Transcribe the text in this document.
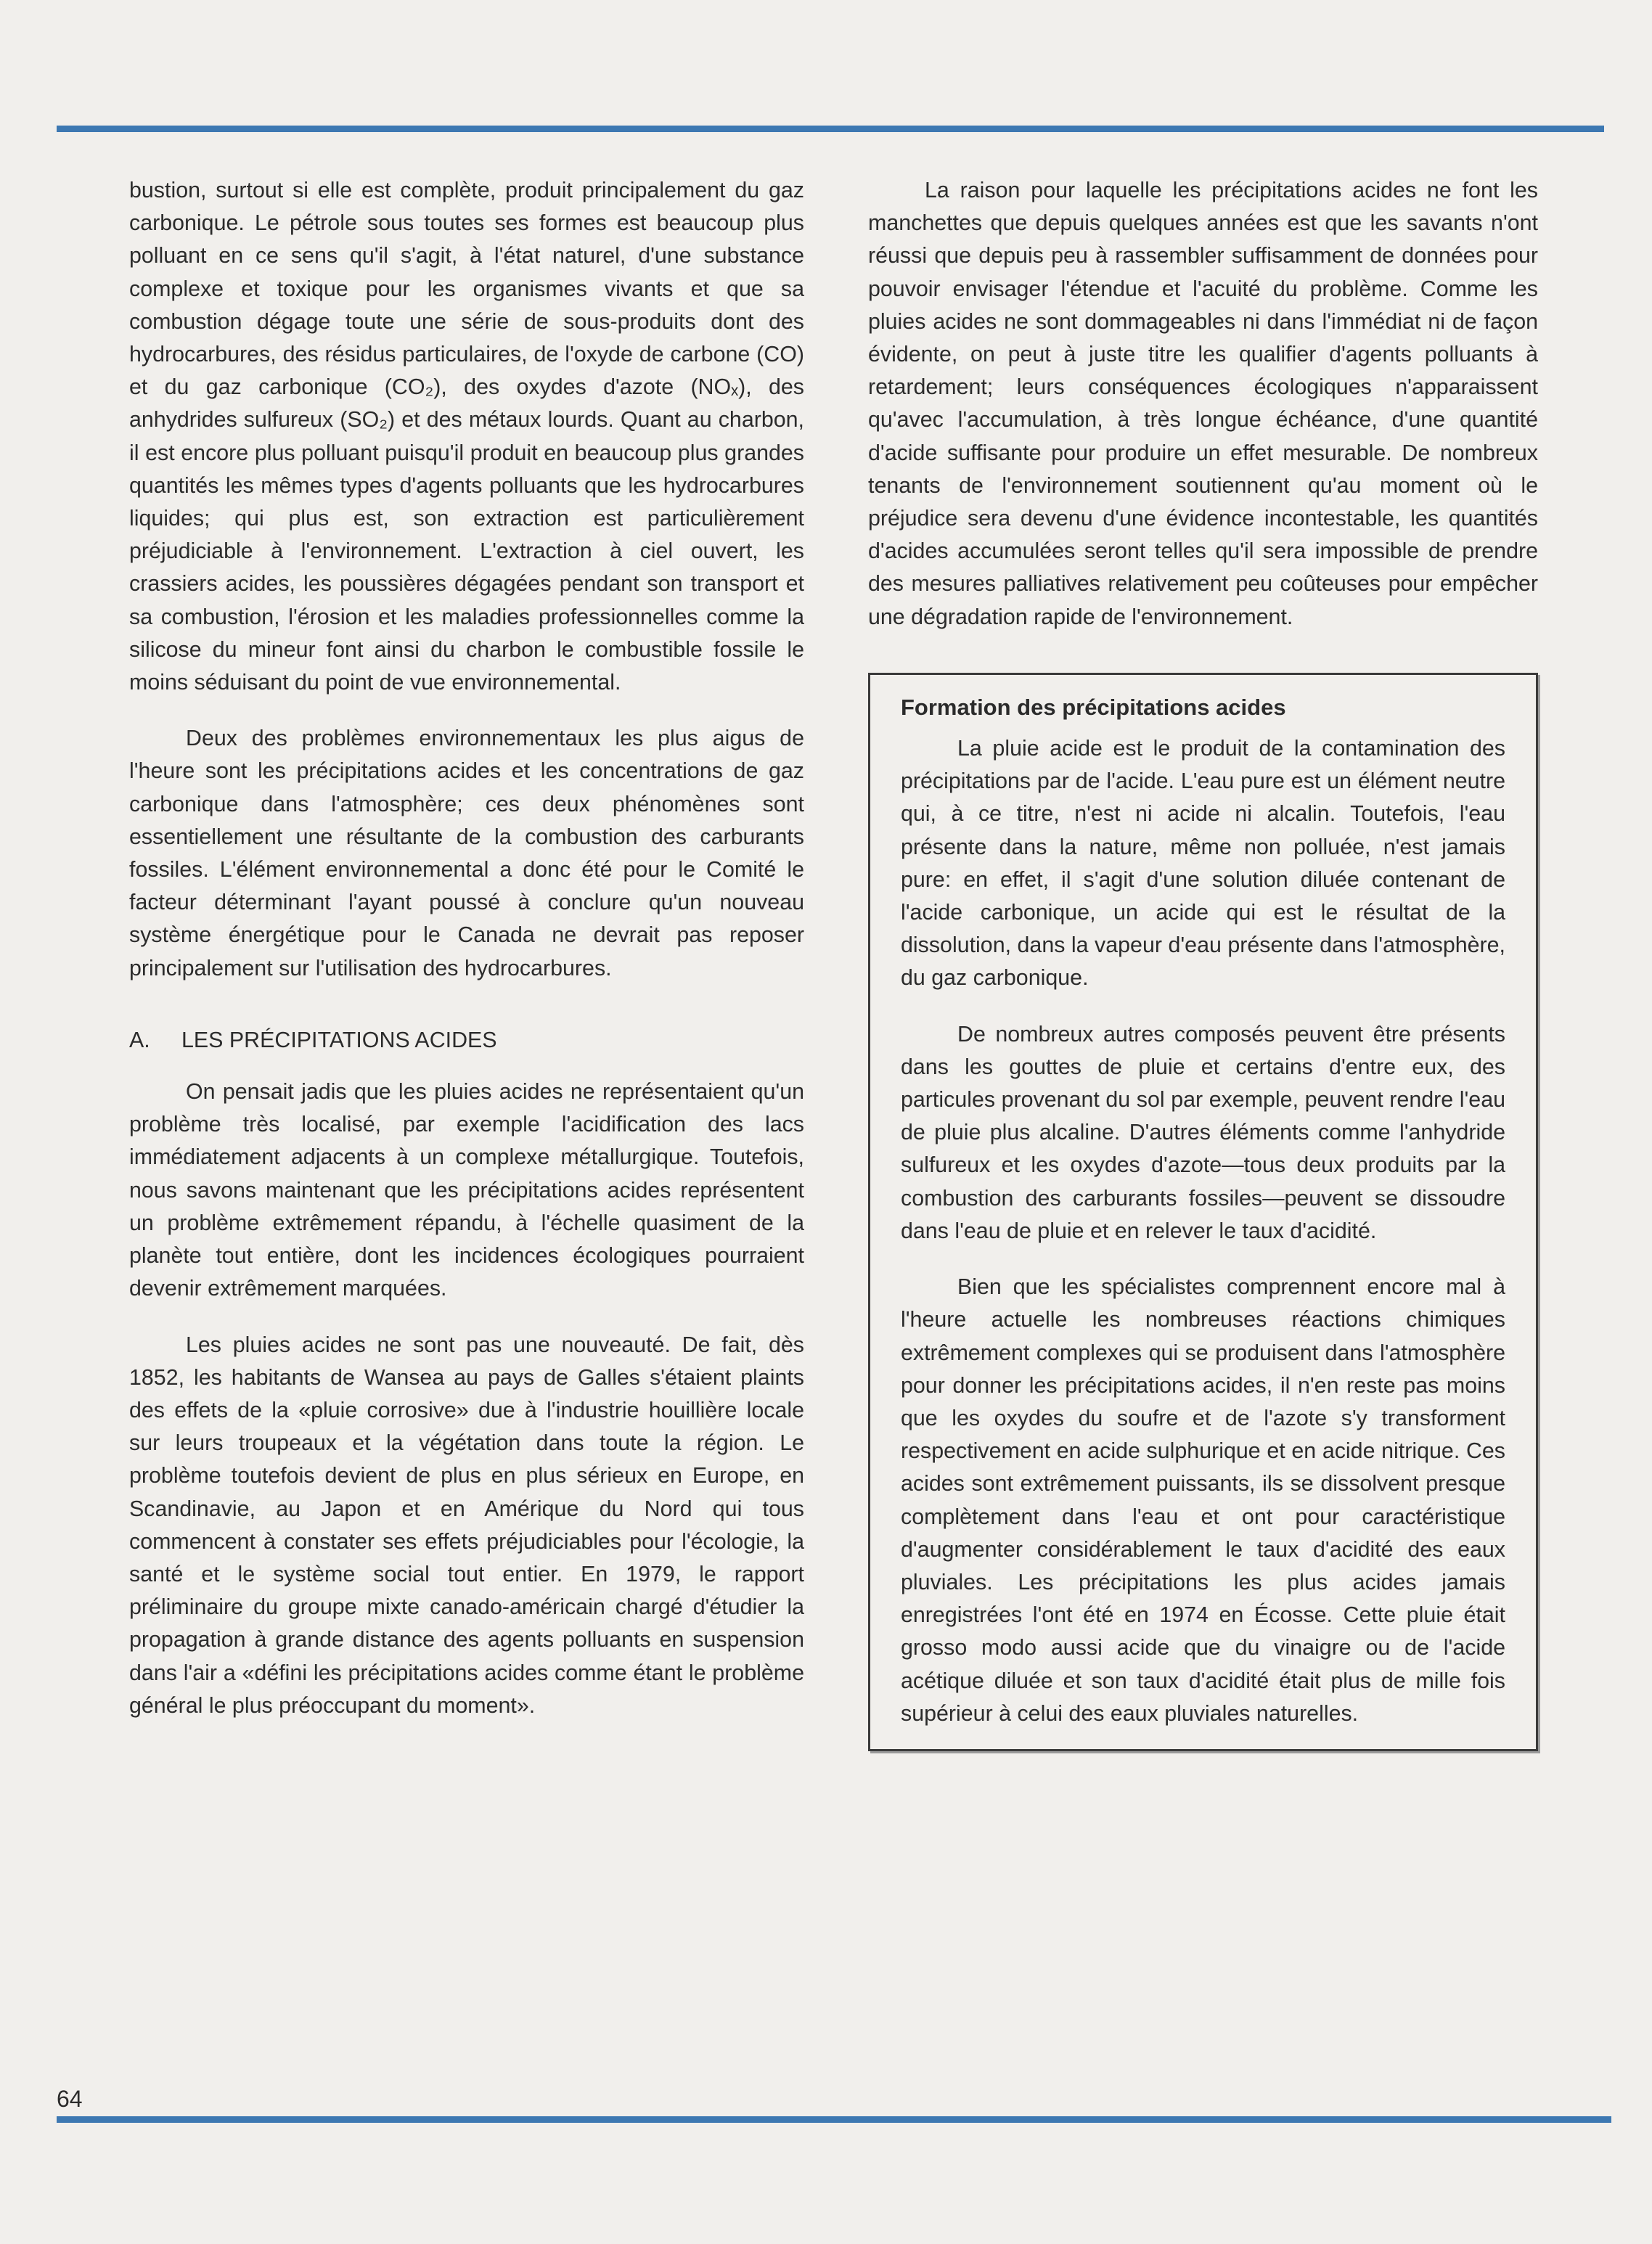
bustion, surtout si elle est complète, produit principalement du gaz carbonique. Le pétrole sous toutes ses formes est beaucoup plus polluant en ce sens qu'il s'agit, à l'état naturel, d'une substance complexe et toxique pour les organismes vivants et que sa combustion dégage toute une série de sous-produits dont des hydrocarbures, des résidus particulaires, de l'oxyde de carbone (CO) et du gaz carbonique (CO₂), des oxydes d'azote (NOₓ), des anhydrides sulfureux (SO₂) et des métaux lourds. Quant au charbon, il est encore plus polluant puisqu'il produit en beaucoup plus grandes quantités les mêmes types d'agents polluants que les hydrocarbures liquides; qui plus est, son extraction est particulièrement préjudiciable à l'environnement. L'extraction à ciel ouvert, les crassiers acides, les poussières dégagées pendant son transport et sa combustion, l'érosion et les maladies professionnelles comme la silicose du mineur font ainsi du charbon le combustible fossile le moins séduisant du point de vue environnemental.

Deux des problèmes environnementaux les plus aigus de l'heure sont les précipitations acides et les concentrations de gaz carbonique dans l'atmosphère; ces deux phénomènes sont essentiellement une résultante de la combustion des carburants fossiles. L'élément environnemental a donc été pour le Comité le facteur déterminant l'ayant poussé à conclure qu'un nouveau système énergétique pour le Canada ne devrait pas reposer principalement sur l'utilisation des hydrocarbures.

A. LES PRÉCIPITATIONS ACIDES

On pensait jadis que les pluies acides ne représentaient qu'un problème très localisé, par exemple l'acidification des lacs immédiatement adjacents à un complexe métallurgique. Toutefois, nous savons maintenant que les précipitations acides représentent un problème extrêmement répandu, à l'échelle quasiment de la planète tout entière, dont les incidences écologiques pourraient devenir extrêmement marquées.

Les pluies acides ne sont pas une nouveauté. De fait, dès 1852, les habitants de Wansea au pays de Galles s'étaient plaints des effets de la «pluie corrosive» due à l'industrie houillière locale sur leurs troupeaux et la végétation dans toute la région. Le problème toutefois devient de plus en plus sérieux en Europe, en Scandinavie, au Japon et en Amérique du Nord qui tous commencent à constater ses effets préjudiciables pour l'écologie, la santé et le système social tout entier. En 1979, le rapport préliminaire du groupe mixte canado-américain chargé d'étudier la propagation à grande distance des agents polluants en suspension dans l'air a «défini les précipitations acides comme étant le problème général le plus préoccupant du moment».

La raison pour laquelle les précipitations acides ne font les manchettes que depuis quelques années est que les savants n'ont réussi que depuis peu à rassembler suffisamment de données pour pouvoir envisager l'étendue et l'acuité du problème. Comme les pluies acides ne sont dommageables ni dans l'immédiat ni de façon évidente, on peut à juste titre les qualifier d'agents polluants à retardement; leurs conséquences écologiques n'apparaissent qu'avec l'accumulation, à très longue échéance, d'une quantité d'acide suffisante pour produire un effet mesurable. De nombreux tenants de l'environnement soutiennent qu'au moment où le préjudice sera devenu d'une évidence incontestable, les quantités d'acides accumulées seront telles qu'il sera impossible de prendre des mesures palliatives relativement peu coûteuses pour empêcher une dégradation rapide de l'environnement.

Formation des précipitations acides

La pluie acide est le produit de la contamination des précipitations par de l'acide. L'eau pure est un élément neutre qui, à ce titre, n'est ni acide ni alcalin. Toutefois, l'eau présente dans la nature, même non polluée, n'est jamais pure: en effet, il s'agit d'une solution diluée contenant de l'acide carbonique, un acide qui est le résultat de la dissolution, dans la vapeur d'eau présente dans l'atmosphère, du gaz carbonique.

De nombreux autres composés peuvent être présents dans les gouttes de pluie et certains d'entre eux, des particules provenant du sol par exemple, peuvent rendre l'eau de pluie plus alcaline. D'autres éléments comme l'anhydride sulfureux et les oxydes d'azote—tous deux produits par la combustion des carburants fossiles—peuvent se dissoudre dans l'eau de pluie et en relever le taux d'acidité.

Bien que les spécialistes comprennent encore mal à l'heure actuelle les nombreuses réactions chimiques extrêmement complexes qui se produisent dans l'atmosphère pour donner les précipitations acides, il n'en reste pas moins que les oxydes du soufre et de l'azote s'y transforment respectivement en acide sulphurique et en acide nitrique. Ces acides sont extrêmement puissants, ils se dissolvent presque complètement dans l'eau et ont pour caractéristique d'augmenter considérablement le taux d'acidité des eaux pluviales. Les précipitations les plus acides jamais enregistrées l'ont été en 1974 en Écosse. Cette pluie était grosso modo aussi acide que du vinaigre ou de l'acide acétique diluée et son taux d'acidité était plus de mille fois supérieur à celui des eaux pluviales naturelles.

64
